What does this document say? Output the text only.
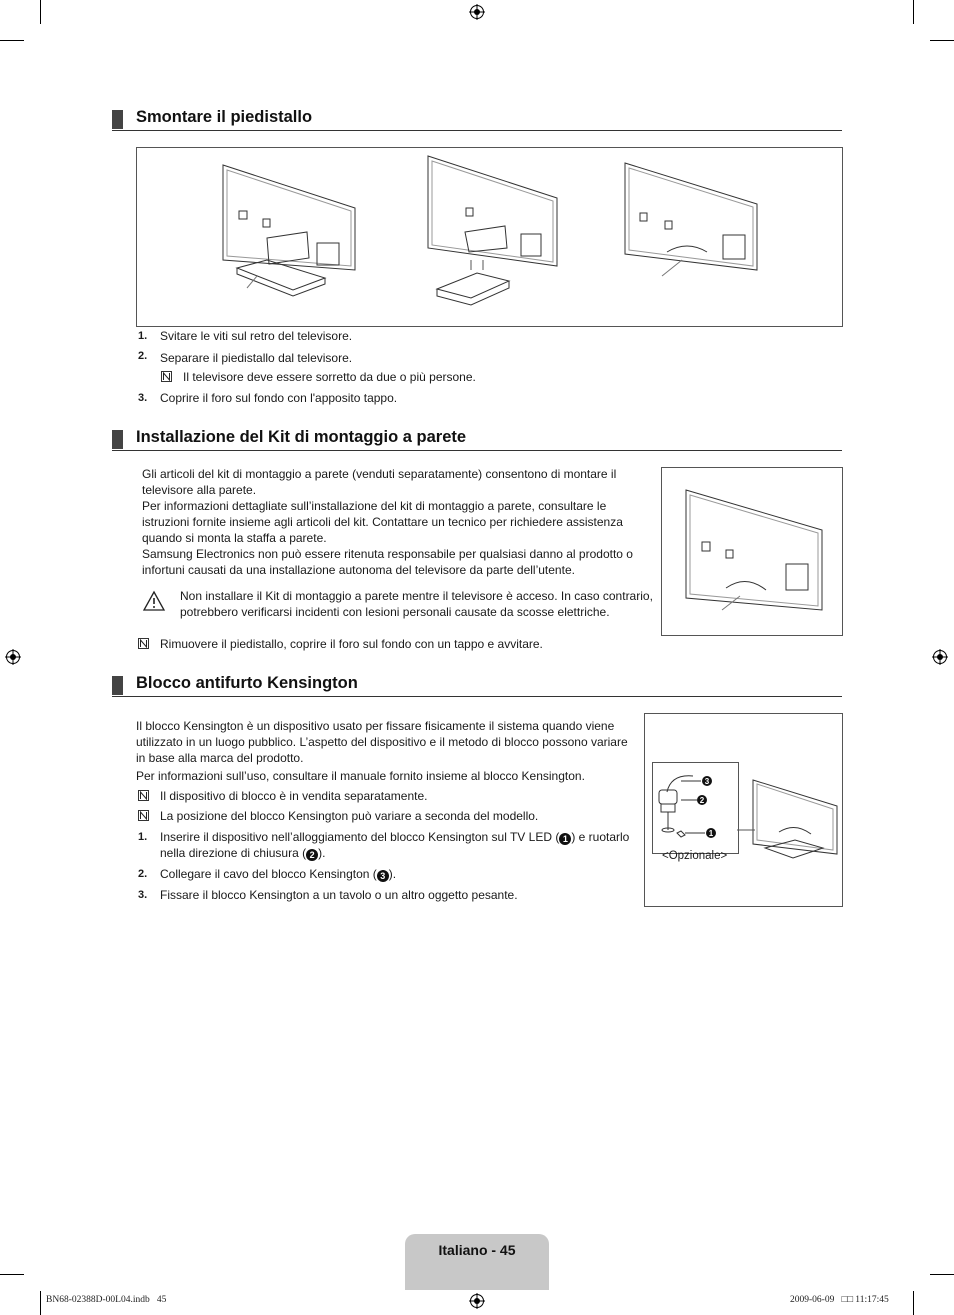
Smontare il piedistallo
1. Svitare le viti sul retro del televisore.
2. Separare il piedistallo dal televisore.
Il televisore deve essere sorretto da due o più persone.
3. Coprire il foro sul fondo con l'apposito tappo.
Installazione del Kit di montaggio a parete
Gli articoli del kit di montaggio a parete (venduti separatamente) consentono di montare il
televisore alla parete.
Per informazioni dettagliate sull’installazione del kit di montaggio a parete, consultare le
istruzioni fornite insieme agli articoli del kit. Contattare un tecnico per richiedere assistenza
quando si monta la staffa a parete.
Samsung Electronics non può essere ritenuta responsabile per qualsiasi danno al prodotto o
infortuni causati da una installazione autonoma del televisore da parte dell’utente.
Non installare il Kit di montaggio a parete mentre il televisore è acceso. In caso contrario,
potrebbero verificarsi incidenti con lesioni personali causate da scosse elettriche.
Rimuovere il piedistallo, coprire il foro sul fondo con un tappo e avvitare.
Blocco antifurto Kensington
Il blocco Kensington è un dispositivo usato per fissare fisicamente il sistema quando viene
utilizzato in un luogo pubblico. L’aspetto del dispositivo e il metodo di blocco possono variare
in base alla marca del prodotto.
Per informazioni sull’uso, consultare il manuale fornito insieme al blocco Kensington.
Il dispositivo di blocco è in vendita separatamente.
La posizione del blocco Kensington può variare a seconda del modello.
1. Inserire il dispositivo nell’alloggiamento del blocco Kensington sul TV LED ( 1 ) e ruotarlo
nella direzione di chiusura ( 2 ).
2. Collegare il cavo del blocco Kensington ( 3 ).
3. Fissare il blocco Kensington a un tavolo o un altro oggetto pesante.
3
2
1
<Opzionale>
Italiano - 45
BN68-02388D-00L04.indb   45	2009-06-09   □□ 11:17:45
